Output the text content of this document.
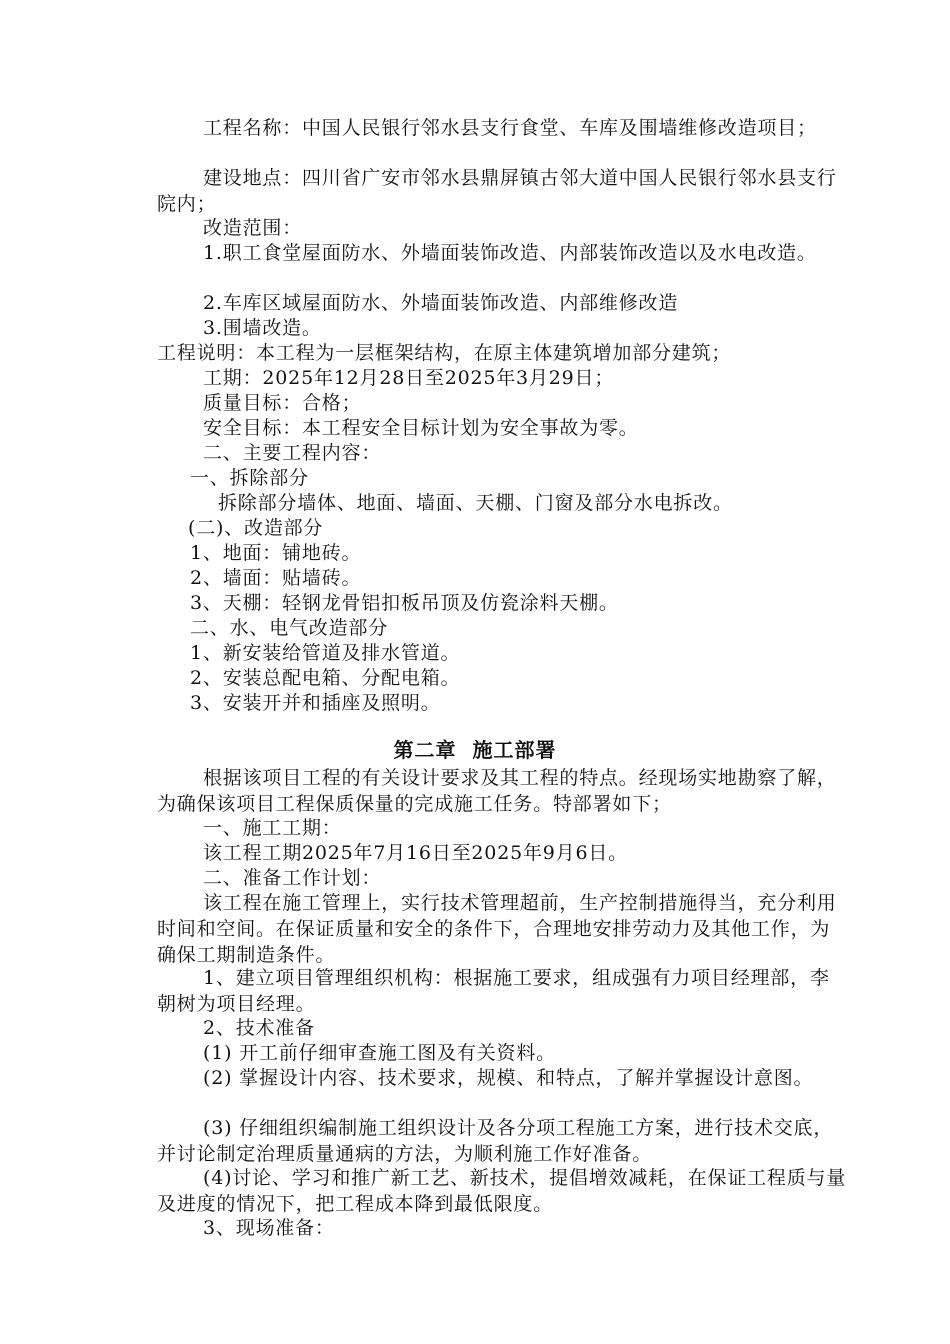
工程名称：中国人民银行邻水县支行食堂、车库及围墙维修改造项目；
建设地点：四川省广安市邻水县鼎屏镇古邻大道中国人民银行邻水县支行院内；
改造范围：
1.职工食堂屋面防水、外墙面装饰改造、内部装饰改造以及水电改造。
2.车库区域屋面防水、外墙面装饰改造、内部维修改造
3.围墙改造。
工程说明：本工程为一层框架结构，在原主体建筑增加部分建筑；
工期：2025年12月28日至2025年3月29日；
质量目标：合格；
安全目标：本工程安全目标计划为安全事故为零。
二、主要工程内容：
一、拆除部分
拆除部分墙体、地面、墙面、天棚、门窗及部分水电拆改。
(二)、改造部分
1、地面：铺地砖。
2、墙面：贴墙砖。
3、天棚：轻钢龙骨铝扣板吊顶及仿瓷涂料天棚。
二、水、电气改造部分
1、新安装给管道及排水管道。
2、安装总配电箱、分配电箱。
3、安装开并和插座及照明。
第二章  施工部署
根据该项目工程的有关设计要求及其工程的特点。经现场实地勘察了解，为确保该项目工程保质保量的完成施工任务。特部署如下；
一、施工工期：
该工程工期2025年7月16日至2025年9月6日。
二、准备工作计划：
该工程在施工管理上，实行技术管理超前，生产控制措施得当，充分利用时间和空间。在保证质量和安全的条件下，合理地安排劳动力及其他工作，为确保工期制造条件。
1、建立项目管理组织机构：根据施工要求，组成强有力项目经理部，李朝树为项目经理。
2、技术准备
(1) 开工前仔细审查施工图及有关资料。
(2) 掌握设计内容、技术要求，规模、和特点，了解并掌握设计意图。
(3) 仔细组织编制施工组织设计及各分项工程施工方案，进行技术交底，并讨论制定治理质量通病的方法，为顺利施工作好准备。
(4)讨论、学习和推广新工艺、新技术，提倡增效减耗，在保证工程质与量及进度的情况下，把工程成本降到最低限度。
3、现场准备：
